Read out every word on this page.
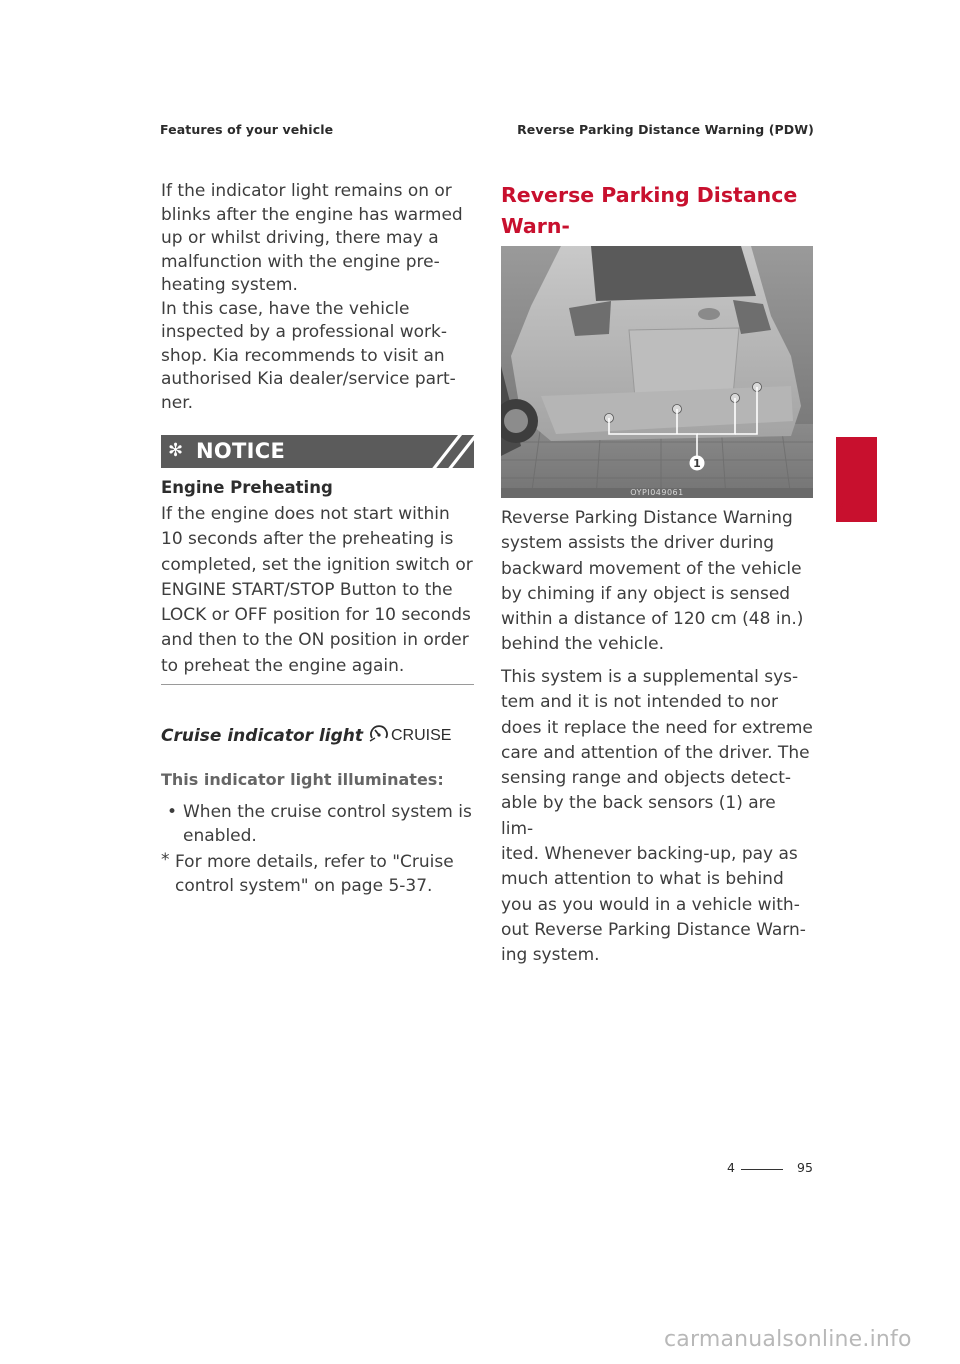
Features of your vehicle	Reverse Parking Distance Warning (PDW)

If the indicator light remains on or

blinks after the engine has warmed

up or whilst driving, there may a

malfunction with the engine pre-

heating system.

In this case, have the vehicle

inspected by a professional work-

shop. Kia recommends to visit an

authorised Kia dealer/service part-

ner.

✻ NOTICE
Engine Preheating

If the engine does not start within

10 seconds after the preheating is

completed, set the ignition switch or

ENGINE START/STOP Button to the

LOCK or OFF position for 10 seconds

and then to the ON position in order

to preheat the engine again.

Cruise indicator light CRUISE
This indicator light illuminates:
• When the cruise control system is
enabled.
* For more details, refer to "Cruise
control system" on page 5-37.
Reverse Parking Distance Warn-
1
OYPI049061

Reverse Parking Distance Warning

system assists the driver during

backward movement of the vehicle

by chiming if any object is sensed

within a distance of 120 cm (48 in.)

behind the vehicle.

This system is a supplemental sys-

tem and it is not intended to nor

does it replace the need for extreme

care and attention of the driver. The

sensing range and objects detect-

able by the back sensors (1) are lim-

ited. Whenever backing-up, pay as

much attention to what is behind

you as you would in a vehicle with-

out Reverse Parking Distance Warn-

ing system.

4
4	95
carmanualsonline.info
